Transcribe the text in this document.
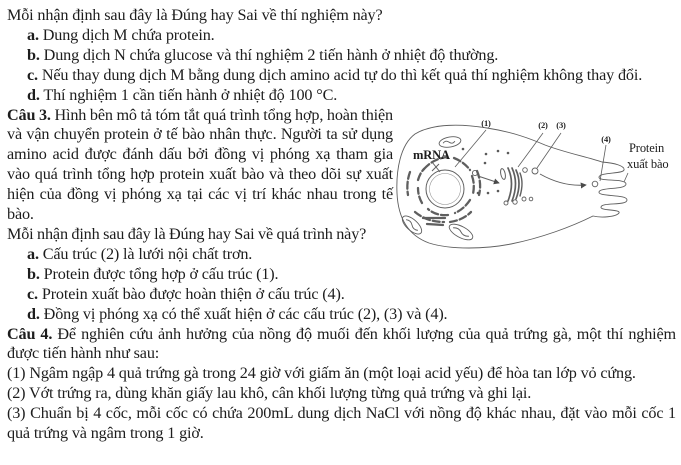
Mỗi nhận định sau đây là Đúng hay Sai về thí nghiệm này?

a. Dung dịch M chứa protein.
b. Dung dịch N chứa glucose và thí nghiệm 2 tiến hành ở nhiệt độ thường.
c. Nếu thay dung dịch M bằng dung dịch amino acid tự do thì kết quả thí nghiệm không thay đổi.
d. Thí nghiệm 1 cần tiến hành ở nhiệt độ 100 °C.

Câu 3. Hình bên mô tả tóm tắt quá trình tổng hợp, hoàn thiện và vận chuyển protein ở tế bào nhân thực. Người ta sử dụng amino acid được đánh dấu bởi đồng vị phóng xạ tham gia vào quá trình tổng hợp protein xuất bào và theo dõi sự xuất hiện của đồng vị phóng xạ tại các vị trí khác nhau trong tế bào.

Mỗi nhận định sau đây là Đúng hay Sai về quá trình này?

a. Cấu trúc (2) là lưới nội chất trơn.
b. Protein được tổng hợp ở cấu trúc (1).
c. Protein xuất bào được hoàn thiện ở cấu trúc (4).
d. Đồng vị phóng xạ có thể xuất hiện ở các cấu trúc (2), (3) và (4).
(1)	(2) (3)
(4)
mRNA	Protein
xuất bào

Câu 4. Để nghiên cứu ảnh hưởng của nồng độ muối đến khối lượng của quả trứng gà, một thí nghiệm được tiến hành như sau:

(1) Ngâm ngập 4 quả trứng gà trong 24 giờ với giấm ăn (một loại acid yếu) để hòa tan lớp vỏ cứng.

(2) Vớt trứng ra, dùng khăn giấy lau khô, cân khối lượng từng quả trứng và ghi lại.

(3) Chuẩn bị 4 cốc, mỗi cốc có chứa 200mL dung dịch NaCl với nồng độ khác nhau, đặt vào mỗi cốc 1 quả trứng và ngâm trong 1 giờ.
